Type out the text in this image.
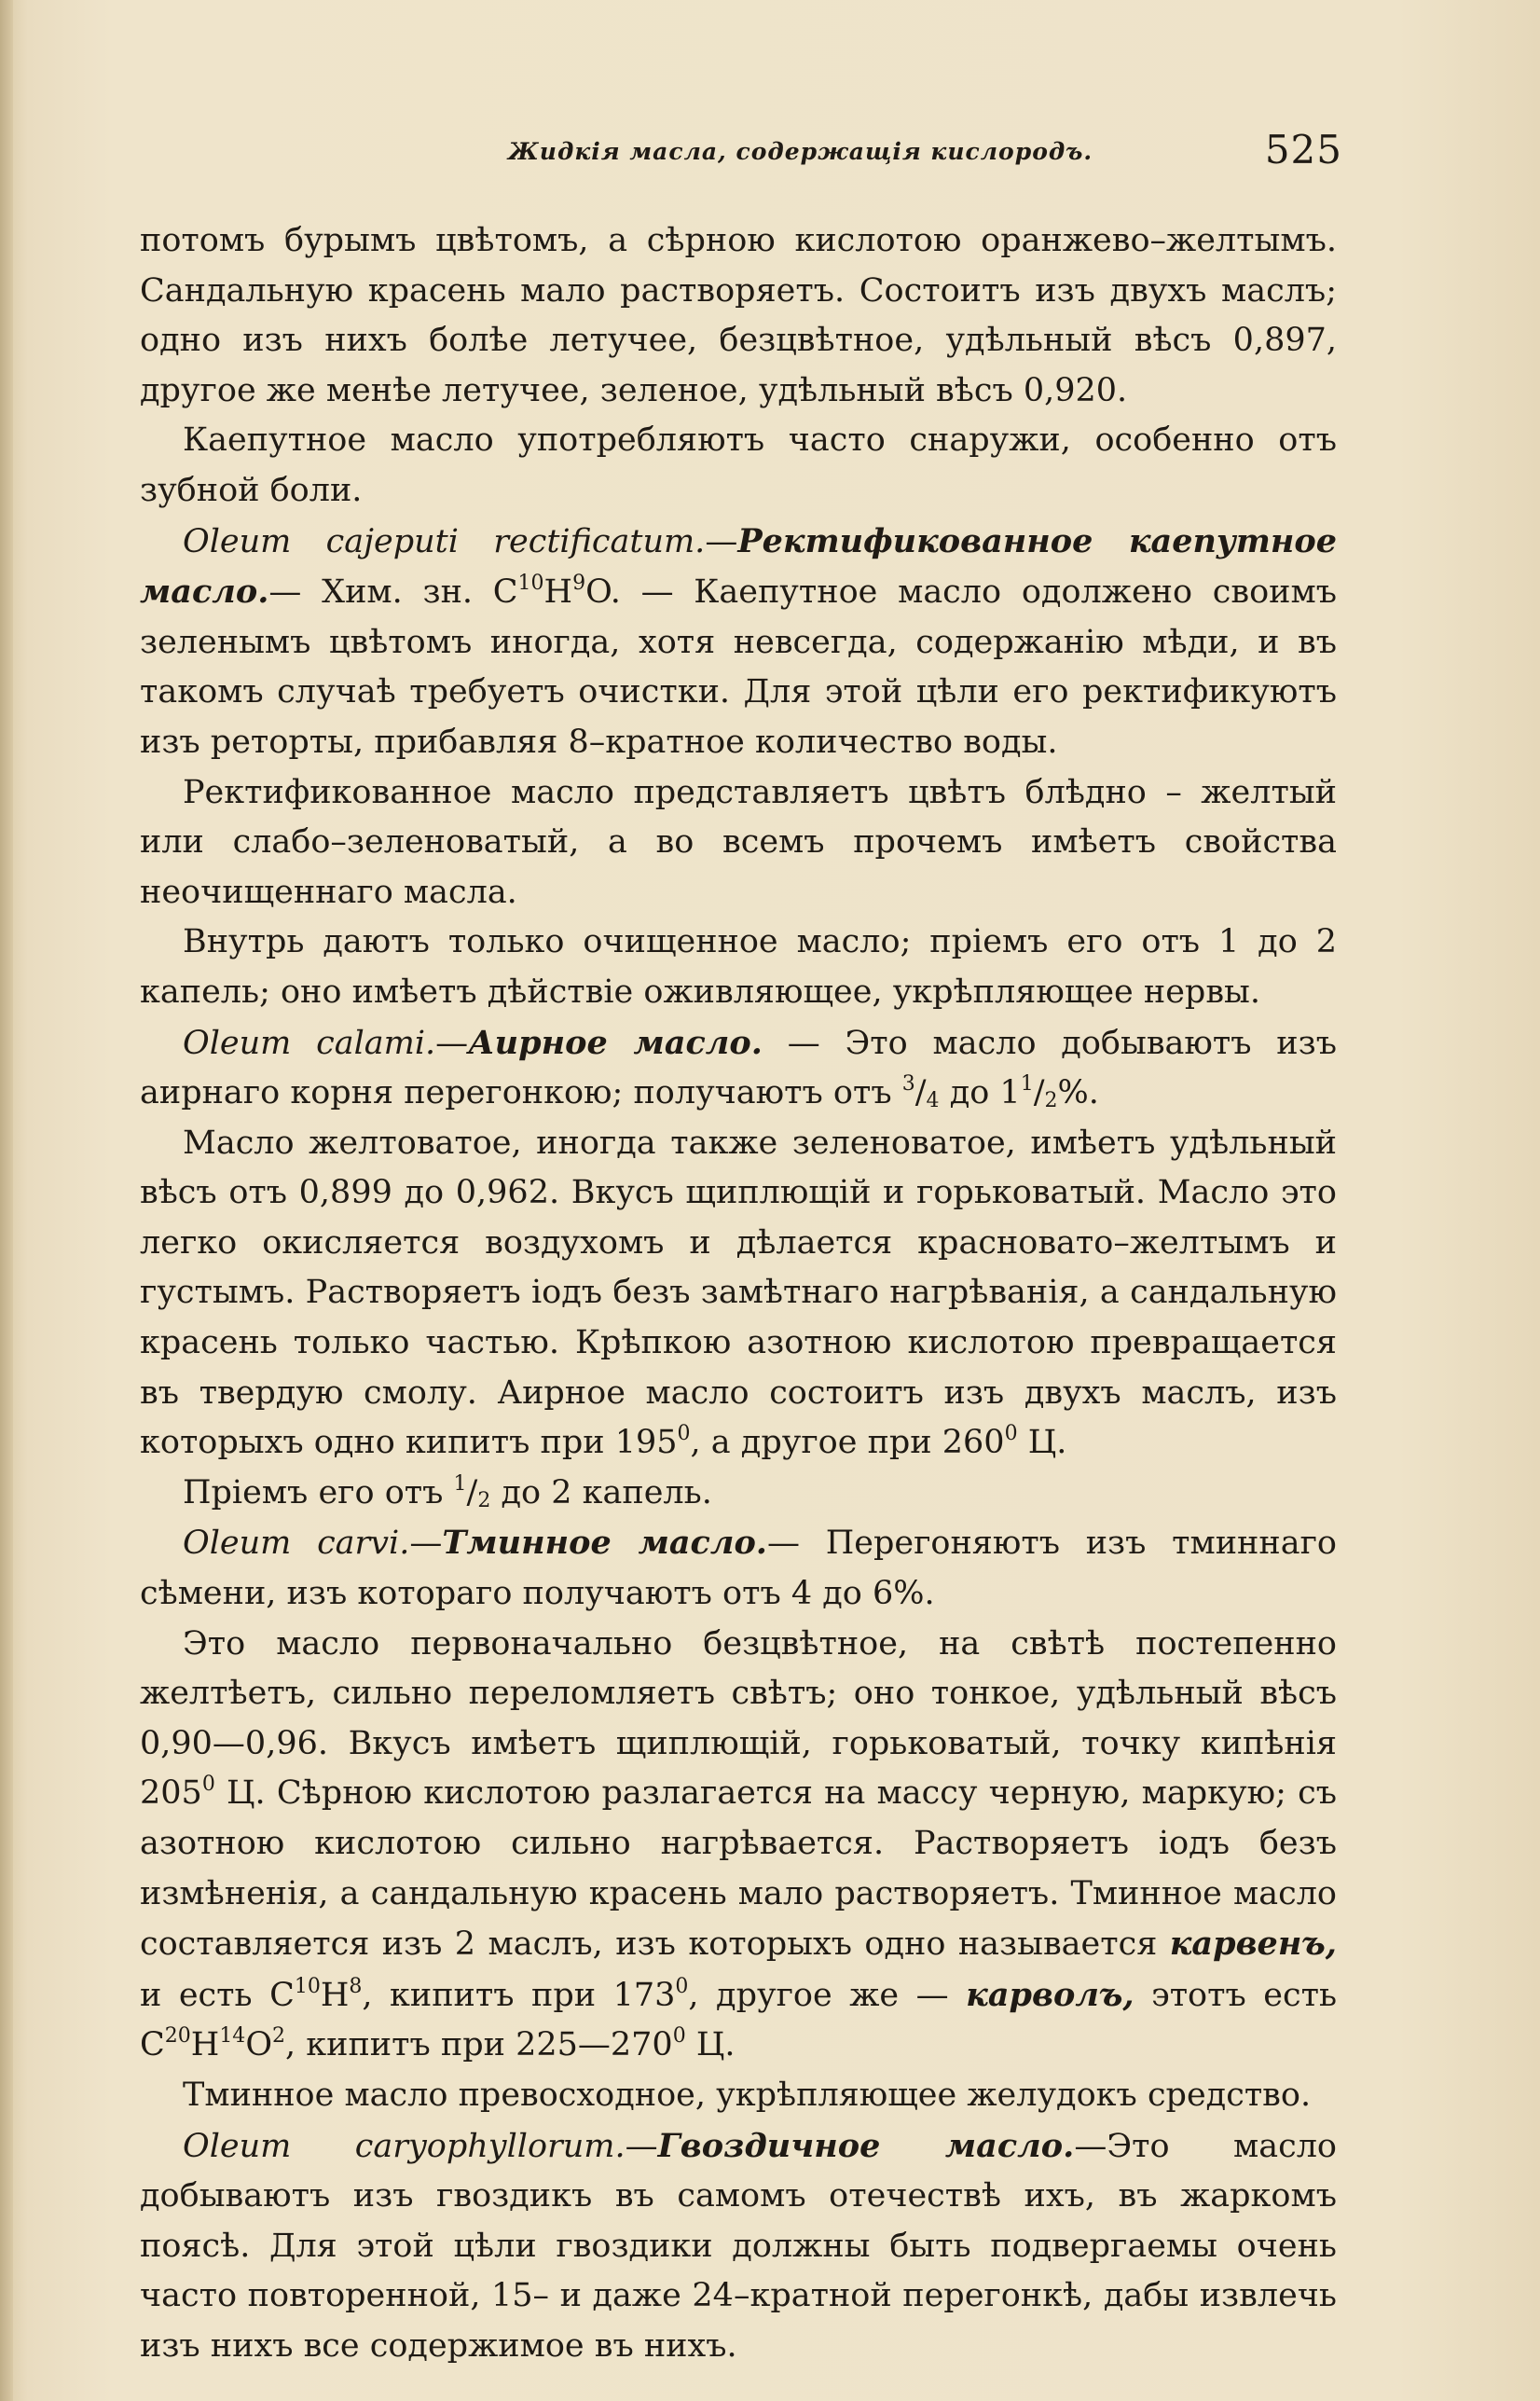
Жидкія масла, содержащія кислородъ.	525

потомъ бурымъ цвѣтомъ, а сѣрною кислотою оранжево–желтымъ. Сандальную красень мало растворяетъ. Состоитъ изъ двухъ маслъ; одно изъ нихъ болѣе летучее, безцвѣтное, удѣльный вѣсъ 0,897, другое же менѣе летучее, зеленое, удѣльный вѣсъ 0,920.

Каепутное масло употребляютъ часто снаружи, особенно отъ зубной боли.

Oleum cajeputi rectificatum.—Ректификованное каепутное масло.— Хим. зн. $C^{10}H^9O$. — Каепутное масло одолжено своимъ зеленымъ цвѣтомъ иногда, хотя невсегда, содержанію мѣди, и въ такомъ случаѣ требуетъ очистки. Для этой цѣли его ректификуютъ изъ реторты, прибавляя 8–кратное количество воды.

Ректификованное масло представляетъ цвѣтъ блѣдно – желтый или слабо–зеленоватый, а во всемъ прочемъ имѣетъ свойства неочищеннаго масла.

Внутрь даютъ только очищенное масло; пріемъ его отъ 1 до 2 капель; оно имѣетъ дѣйствіе оживляющее, укрѣпляющее нервы.

Oleum calami.—Аирное масло. — Это масло добываютъ изъ аирнаго корня перегонкою; получаютъ отъ $^3/_4$ до $1^1/_2\%$.

Масло желтоватое, иногда также зеленоватое, имѣетъ удѣльный вѣсъ отъ 0,899 до 0,962. Вкусъ щиплющій и горьковатый. Масло это легко окисляется воздухомъ и дѣлается красновато–желтымъ и густымъ. Растворяетъ іодъ безъ замѣтнаго нагрѣванія, а сандальную красень только частью. Крѣпкою азотною кислотою превращается въ твердую смолу. Аирное масло состоитъ изъ двухъ маслъ, изъ которыхъ одно кипитъ при $195^0$, а другое при $260^0$ Ц.

Пріемъ его отъ $^1/_2$ до 2 капель.

Oleum carvi.—Тминное масло.— Перегоняютъ изъ тминнаго сѣмени, изъ котораго получаютъ отъ 4 до 6%.

Это масло первоначально безцвѣтное, на свѣтѣ постепенно желтѣетъ, сильно переломляетъ свѣтъ; оно тонкое, удѣльный вѣсъ 0,90—0,96. Вкусъ имѣетъ щиплющій, горьковатый, точку кипѣнія $205^0$ Ц. Сѣрною кислотою разлагается на массу черную, маркую; съ азотною кислотою сильно нагрѣвается. Растворяетъ іодъ безъ измѣненія, а сандальную красень мало растворяетъ. Тминное масло составляется изъ 2 маслъ, изъ которыхъ одно называется карвенъ, и есть $C^{10}H^8$, кипитъ при $173^0$, другое же — карволъ, этотъ есть $C^{20}H^{14}O^2$, кипитъ при $225—270^0$ Ц.

Тминное масло превосходное, укрѣпляющее желудокъ средство.

Oleum caryophyllorum.—Гвоздичное масло.—Это масло добываютъ изъ гвоздикъ въ самомъ отечествѣ ихъ, въ жаркомъ поясѣ. Для этой цѣли гвоздики должны быть подвергаемы очень часто повторенной, 15– и даже 24–кратной перегонкѣ, дабы извлечь изъ нихъ все содержимое въ нихъ.
